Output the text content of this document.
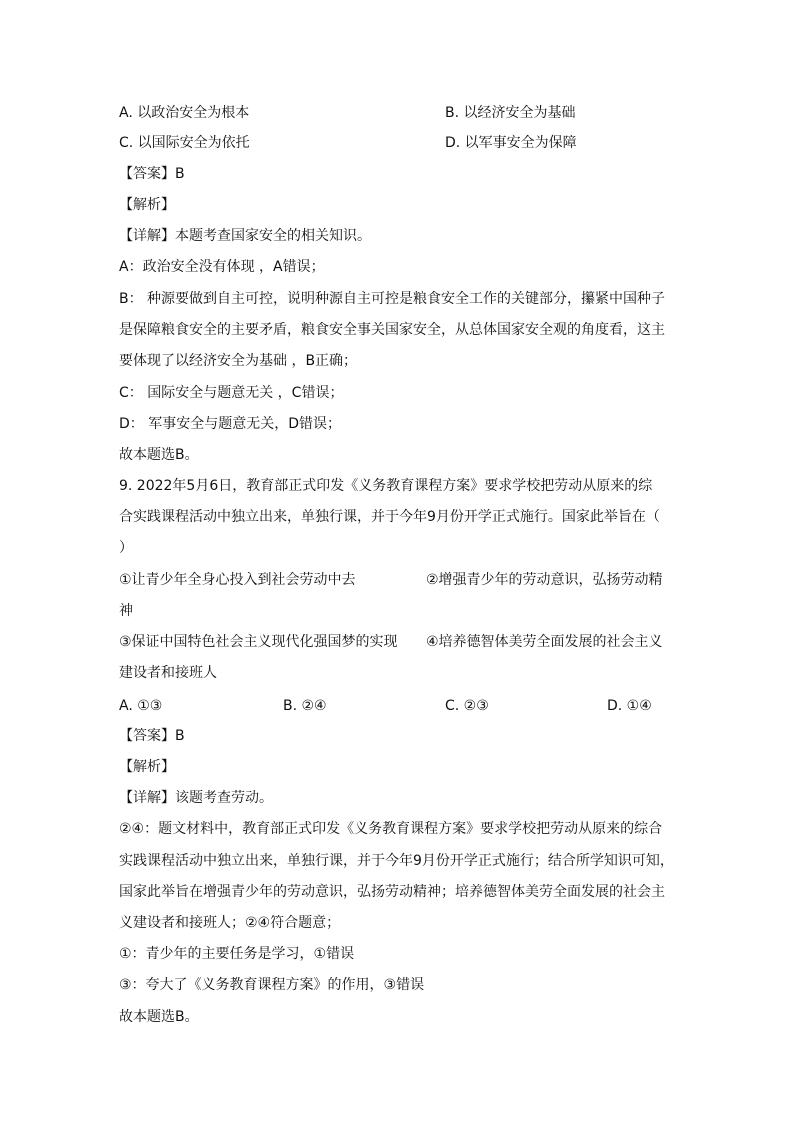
A. 以政治安全为根本	B. 以经济安全为基础
C. 以国际安全为依托	D. 以军事安全为保障
【答案】B
【解析】
【详解】本题考查国家安全的相关知识。
A：政治安全没有体现 ，A错误；
B： 种源要做到自主可控，说明种源自主可控是粮食安全工作的关键部分，攥紧中国种子
是保障粮食安全的主要矛盾，粮食安全事关国家安全，从总体国家安全观的角度看，这主
要体现了以经济安全为基础 ，B正确；
C： 国际安全与题意无关 ，C错误；
D： 军事安全与题意无关，D错误；
故本题选B。
9. 2022年5月6日，教育部正式印发《义务教育课程方案》要求学校把劳动从原来的综
合实践课程活动中独立出来，单独行课，并于今年9月份开学正式施行。国家此举旨在（
）
①让青少年全身心投入到社会劳动中去	②增强青少年的劳动意识，弘扬劳动精
神
③保证中国特色社会主义现代化强国梦的实现 ④培养德智体美劳全面发展的社会主义
建设者和接班人
A. ①③	B. ②④	C. ②③	D. ①④
【答案】B
【解析】
【详解】该题考查劳动。
②④：题文材料中，教育部正式印发《义务教育课程方案》要求学校把劳动从原来的综合
实践课程活动中独立出来，单独行课，并于今年9月份开学正式施行；结合所学知识可知，
国家此举旨在增强青少年的劳动意识，弘扬劳动精神；培养德智体美劳全面发展的社会主
义建设者和接班人；②④符合题意；
①：青少年的主要任务是学习，①错误
③：夸大了《义务教育课程方案》的作用，③错误
故本题选B。
